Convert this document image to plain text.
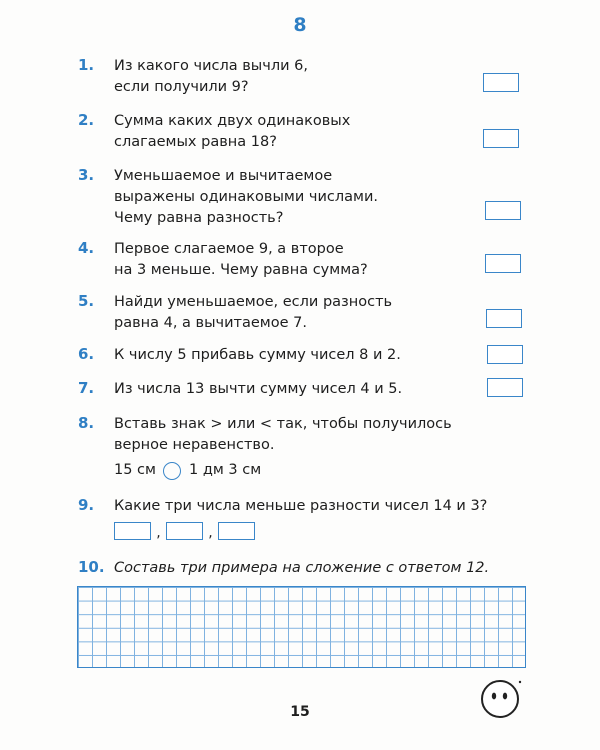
8
1. Из какого числа вычли 6,
если получили 9?
2. Сумма каких двух одинаковых
слагаемых равна 18?
3. Уменьшаемое и вычитаемое
выражены одинаковыми числами.
Чему равна разность?
4. Первое слагаемое 9, а второе
на 3 меньше. Чему равна сумма?
5. Найди уменьшаемое, если разность
равна 4, а вычитаемое 7.
6. К числу 5 прибавь сумму чисел 8 и 2.
7. Из числа 13 вычти сумму чисел 4 и 5.
8. Вставь знак > или < так, чтобы получилось
верное неравенство.
15 см 1 дм 3 см
9. Какие три числа меньше разности чисел 14 и 3?
,	,
10. Составь три примера на сложение с ответом 12.
15
